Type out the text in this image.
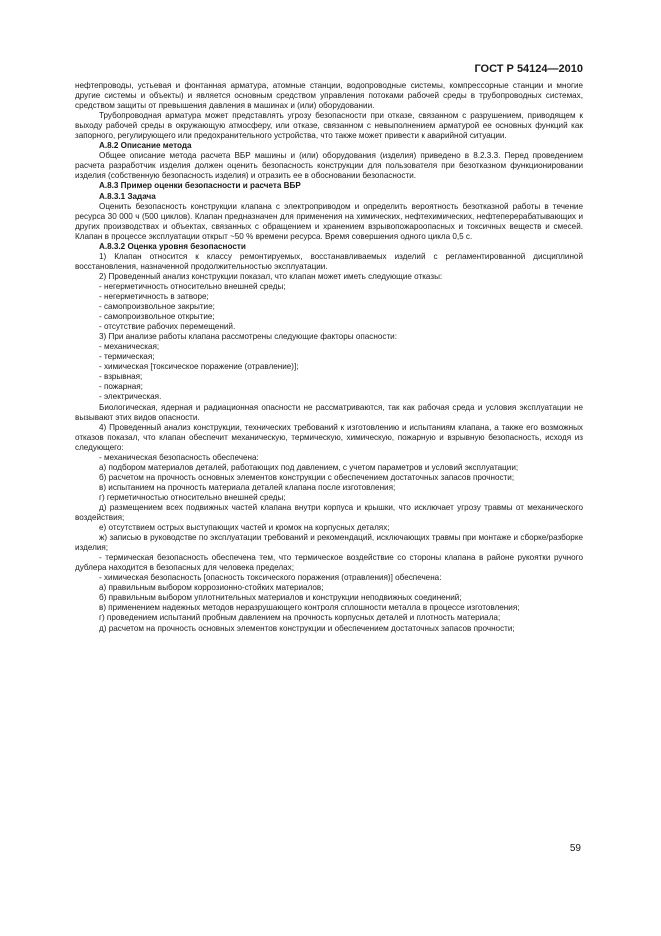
ГОСТ Р 54124—2010

нефтепроводы, устьевая и фонтанная арматура, атомные станции, водопроводные системы, компрессорные станции и многие другие системы и объекты) и является основным средством управления потоками рабочей среды в трубопроводных системах, средством защиты от превышения давления в машинах и (или) оборудовании.

Трубопроводная арматура может представлять угрозу безопасности при отказе, связанном с разрушением, приводящем к выходу рабочей среды в окружающую атмосферу, или отказе, связанном с невыполнением арматурой ее основных функций как запорного, регулирующего или предохранительного устройства, что также может привести к аварийной ситуации.

А.8.2 Описание метода

Общее описание метода расчета ВБР машины и (или) оборудования (изделия) приведено в 8.2.3.3. Перед проведением расчета разработчик изделия должен оценить безопасность конструкции для пользователя при безотказном функционировании изделия (собственную безопасность изделия) и отразить ее в обосновании безопасности.

А.8.3 Пример оценки безопасности и расчета ВБР

А.8.3.1 Задача

Оценить безопасность конструкции клапана с электроприводом и определить вероятность безотказной работы в течение ресурса 30 000 ч (500 циклов). Клапан предназначен для применения на химических, нефтехимических, нефтеперерабатывающих и других производствах и объектах, связанных с обращением и хранением взрывопожароопасных и токсичных веществ и смесей. Клапан в процессе эксплуатации открыт ~50 % времени ресурса. Время совершения одного цикла 0,5 с.

А.8.3.2 Оценка уровня безопасности

1) Клапан относится к классу ремонтируемых, восстанавливаемых изделий с регламентированной дисциплиной восстановления, назначенной продолжительностью эксплуатации.

2) Проведенный анализ конструкции показал, что клапан может иметь следующие отказы:

- негерметичность относительно внешней среды;

- негерметичность в затворе;

- самопроизвольное закрытие;

- самопроизвольное открытие;

- отсутствие рабочих перемещений.

3) При анализе работы клапана рассмотрены следующие факторы опасности:

- механическая;

- термическая;

- химическая [токсическое поражение (отравление)];

- взрывная;

- пожарная;

- электрическая.

Биологическая, ядерная и радиационная опасности не рассматриваются, так как рабочая среда и условия эксплуатации не вызывают этих видов опасности.

4) Проведенный анализ конструкции, технических требований к изготовлению и испытаниям клапана, а также его возможных отказов показал, что клапан обеспечит механическую, термическую, химическую, пожарную и взрывную безопасность, исходя из следующего:

- механическая безопасность обеспечена:

а) подбором материалов деталей, работающих под давлением, с учетом параметров и условий эксплуатации;

б) расчетом на прочность основных элементов конструкции с обеспечением достаточных запасов прочности;

в) испытанием на прочность материала деталей клапана после изготовления;

г) герметичностью относительно внешней среды;

д) размещением всех подвижных частей клапана внутри корпуса и крышки, что исключает угрозу травмы от механического воздействия;

е) отсутствием острых выступающих частей и кромок на корпусных деталях;

ж) записью в руководстве по эксплуатации требований и рекомендаций, исключающих травмы при монтаже и сборке/разборке изделия;

- термическая безопасность обеспечена тем, что термическое воздействие со стороны клапана в районе рукоятки ручного дублера находится в безопасных для человека пределах;

- химическая безопасность [опасность токсического поражения (отравления)] обеспечена:

а) правильным выбором коррозионно-стойких материалов;

б) правильным выбором уплотнительных материалов и конструкции неподвижных соединений;

в) применением надежных методов неразрушающего контроля сплошности металла в процессе изготовления;

г) проведением испытаний пробным давлением на прочность корпусных деталей и плотность материала;

д) расчетом на прочность основных элементов конструкции и обеспечением достаточных запасов прочности;

59
